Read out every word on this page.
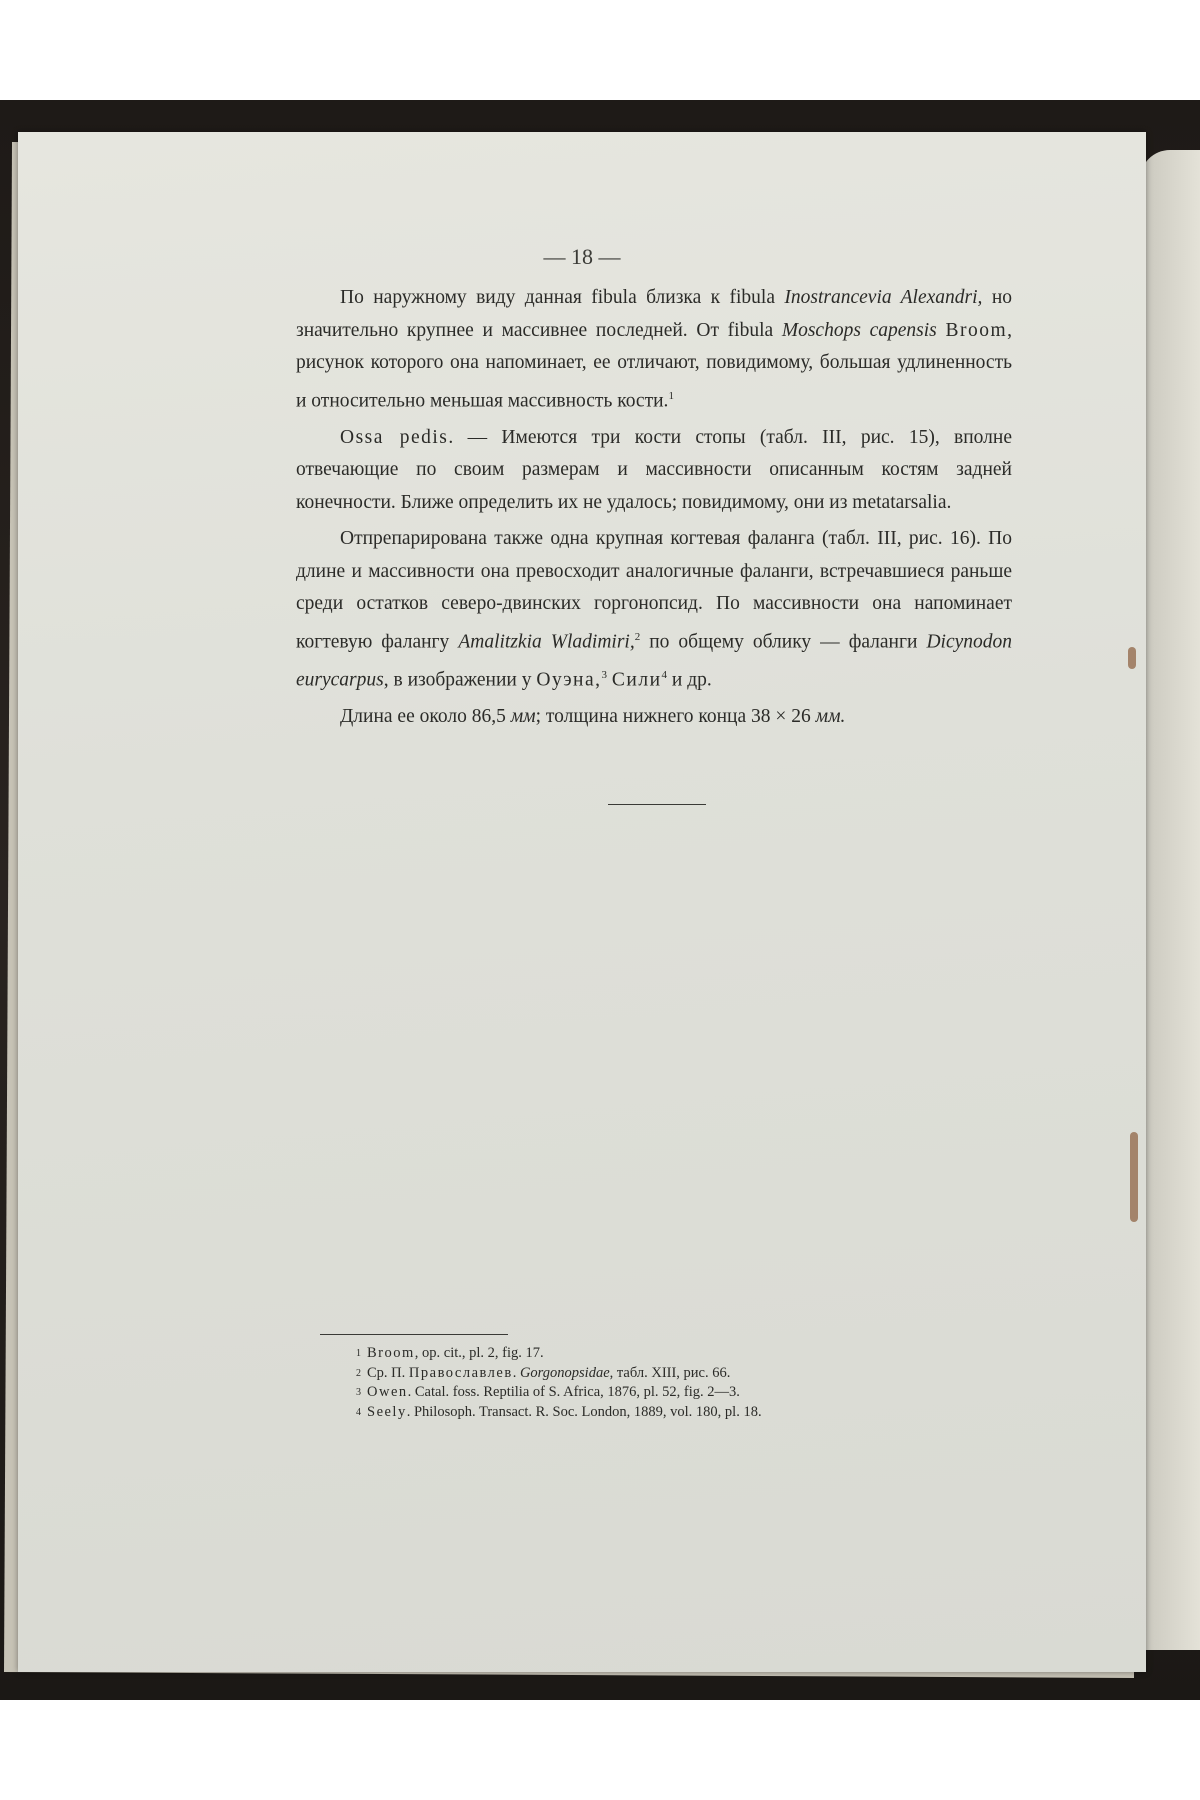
— 18 —

По наружному виду данная fibula близка к fibula Inostrancevia Alexandri, но значительно крупнее и массивнее последней. От fibula Moschops capensis Broom, рисунок которого она напоминает, ее отличают, повидимому, большая удлиненность и относительно меньшая массивность кости.$^1$

Ossa pedis. — Имеются три кости стопы (табл. III, рис. 15), вполне отвечающие по своим размерам и массивности описанным костям задней конечности. Ближе определить их не удалось; повидимому, они из metatarsalia.

Отпрепарирована также одна крупная когтевая фаланга (табл. III, рис. 16). По длине и массивности она превосходит аналогичные фаланги, встречавшиеся раньше среди остатков северо-двинских горгонопсид. По массивности она напоминает когтевую фалангу Amalitzkia Wladimiri,$^2$ по общему облику — фаланги Dicynodon eurycarpus, в изображении у Оуэна,$^3$ Сили$^4$ и др.

Длина ее около 86,5 мм; толщина нижнего конца 38 × 26 мм.

$^1$ Broom, op. cit., pl. 2, fig. 17.
$^2$ Ср. П. Православлев. Gorgonopsidae, табл. XIII, рис. 66.
$^3$ Owen. Catal. foss. Reptilia of S. Africa, 1876, pl. 52, fig. 2—3.
$^4$ Seely. Philosoph. Transact. R. Soc. London, 1889, vol. 180, pl. 18.
